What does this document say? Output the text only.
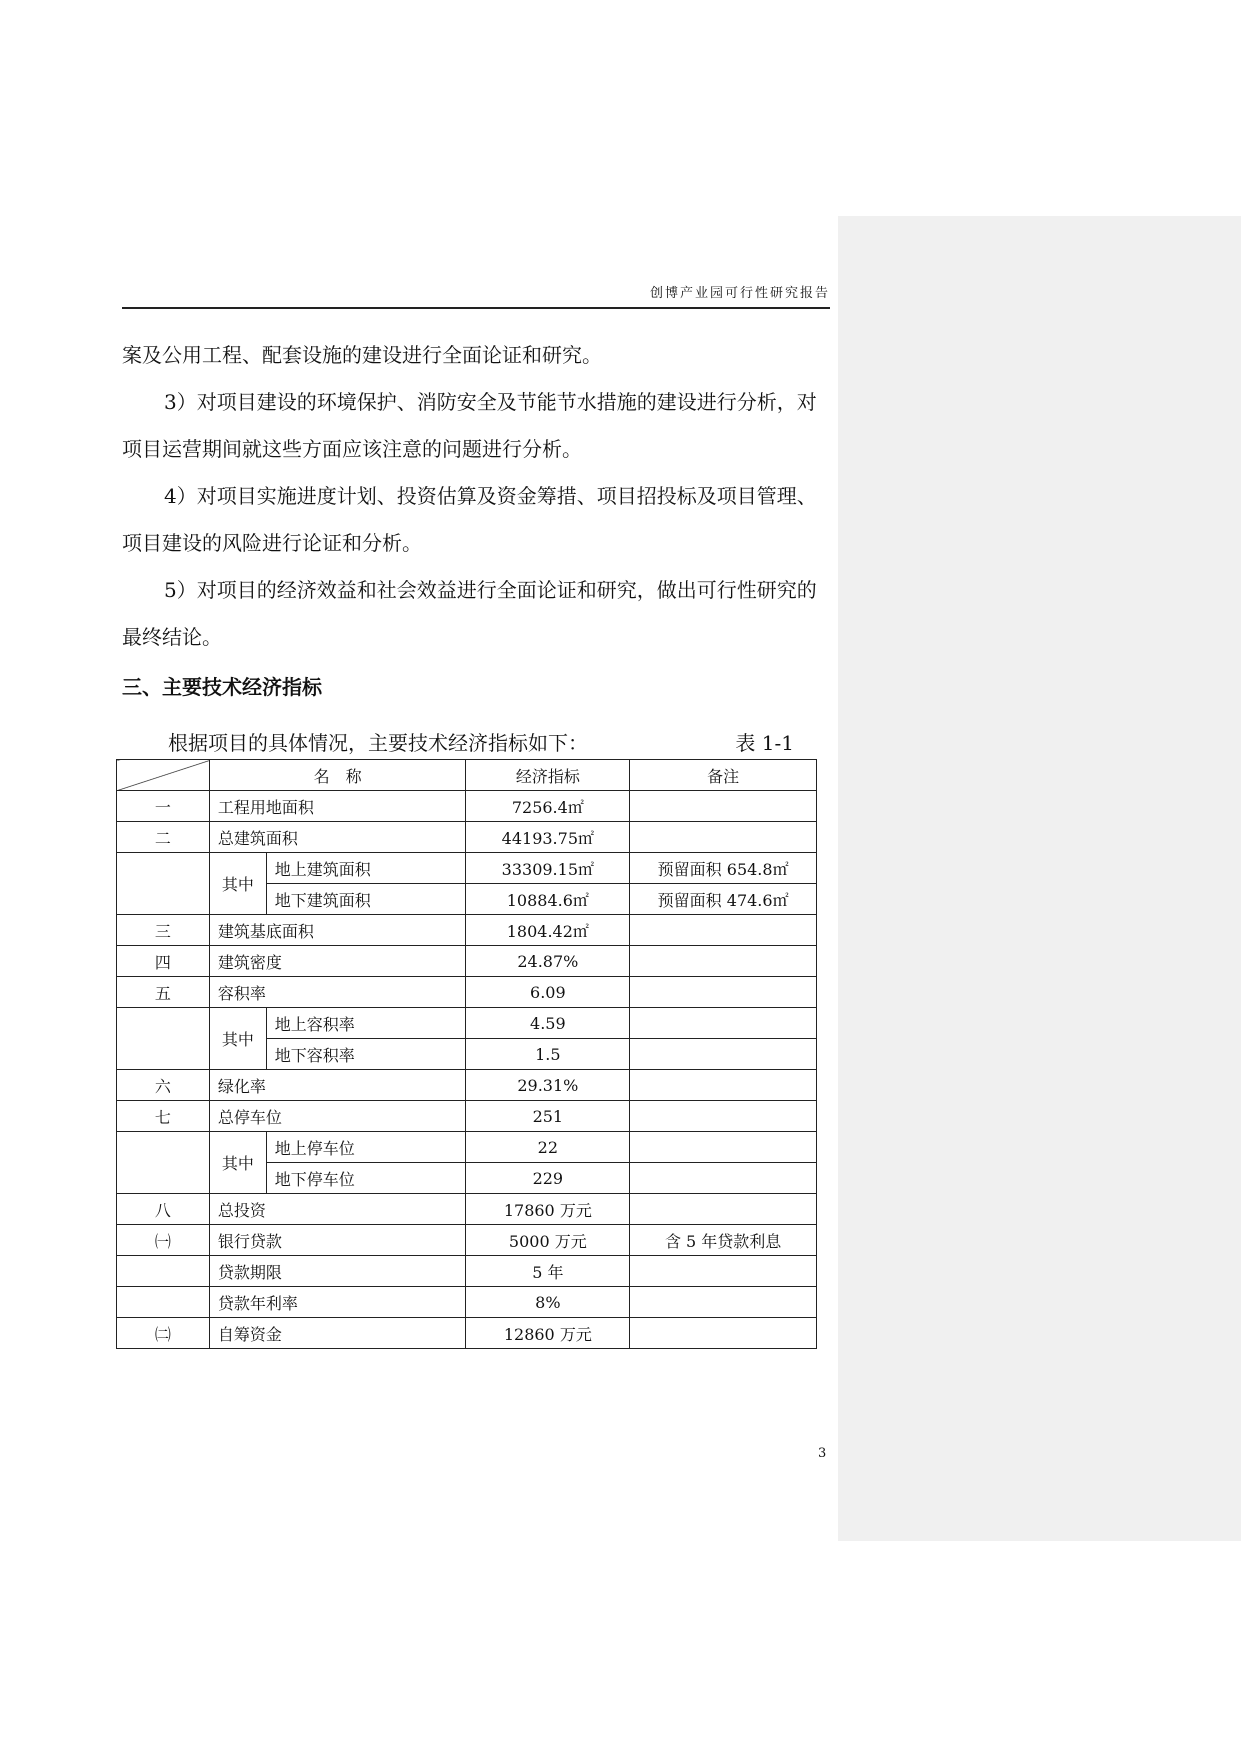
创博产业园可行性研究报告

案及公用工程、配套设施的建设进行全面论证和研究。

3）对项目建设的环境保护、消防安全及节能节水措施的建设进行分析，对项目运营期间就这些方面应该注意的问题进行分析。

4）对项目实施进度计划、投资估算及资金筹措、项目招投标及项目管理、项目建设的风险进行论证和分析。

5）对项目的经济效益和社会效益进行全面论证和研究，做出可行性研究的最终结论。

三、主要技术经济指标
根据项目的具体情况，主要技术经济指标如下：	表 1-1
	名　称		经济指标	备注
一	工程用地面积		7256.4㎡	
二	总建筑面积		44193.75㎡	
	其中	地上建筑面积	33309.15㎡	预留面积 654.8㎡
		地下建筑面积	10884.6㎡	预留面积 474.6㎡
三	建筑基底面积		1804.42㎡	
四	建筑密度		24.87%	
五	容积率		6.09	
	其中	地上容积率	4.59	
		地下容积率	1.5	
六	绿化率		29.31%	
七	总停车位		251	
	其中	地上停车位	22	
		地下停车位	229	
八	总投资		17860 万元	
㈠	银行贷款		5000 万元	含 5 年贷款利息
	贷款期限		5 年	
	贷款年利率		8%	
㈡	自筹资金		12860 万元	
3
